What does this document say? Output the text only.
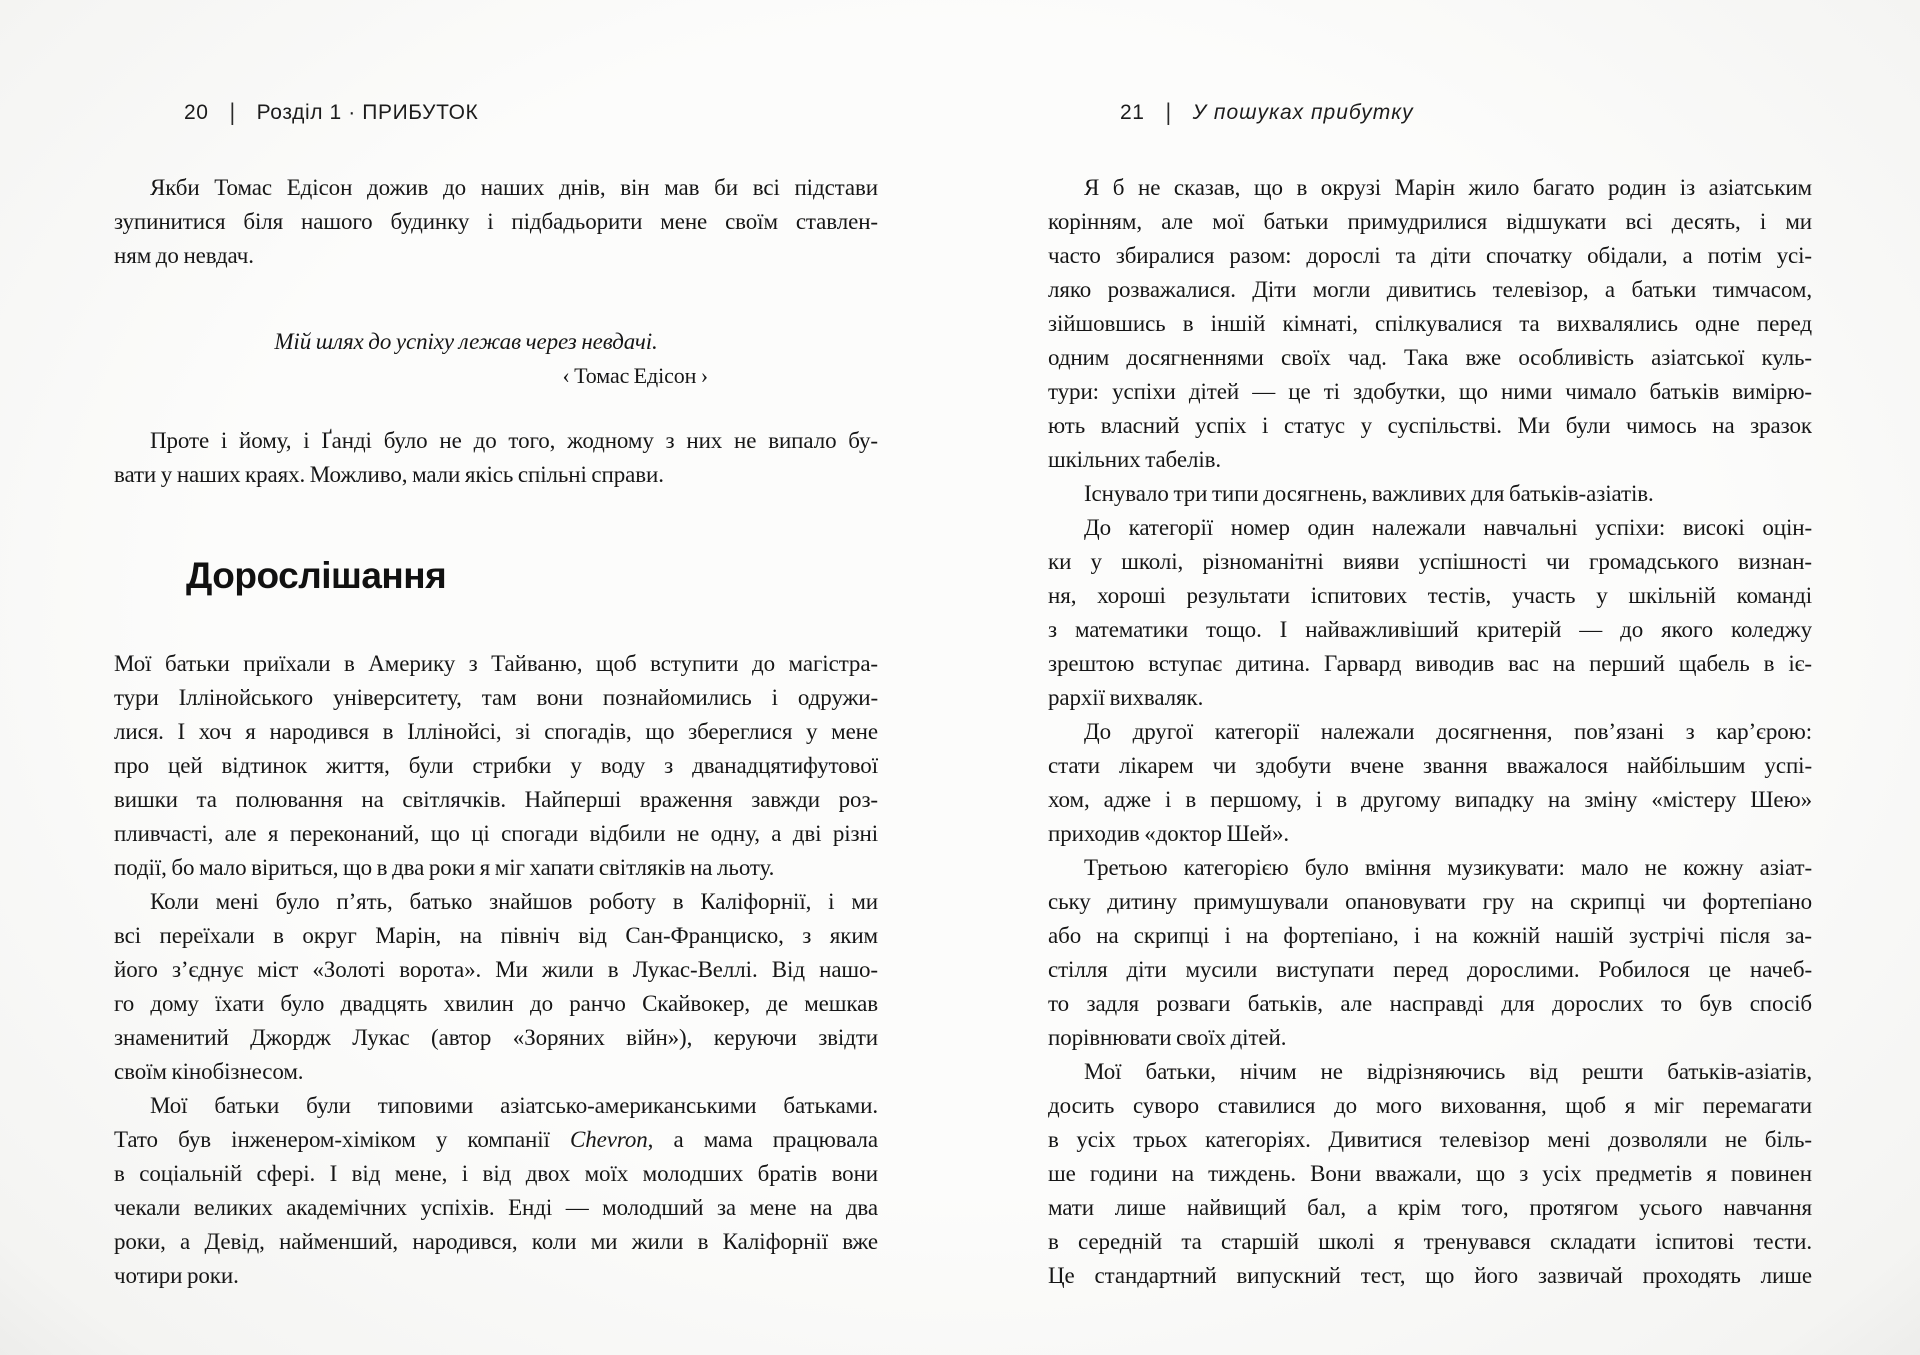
20 | Розділ 1 · ПРИБУТОК
Якби Томас Едісон дожив до наших днів, він мав би всі підстави
зупинитися біля нашого будинку і підбадьорити мене своїм ставлен-
ням до невдач.
Мій шлях до успіху лежав через невдачі.
‹ Томас Едісон ›
Проте і йому, і Ґанді було не до того, жодному з них не випало бу-
вати у наших краях. Можливо, мали якісь спільні справи.
Дорослішання
Мої батьки приїхали в Америку з Тайваню, щоб вступити до магістра-
тури Іллінойського університету, там вони познайомились і одружи-
лися. І хоч я народився в Іллінойсі, зі спогадів, що збереглися у мене
про цей відтинок життя, були стрибки у воду з дванадцятифутової
вишки та полювання на світлячків. Найперші враження завжди роз-
пливчасті, але я переконаний, що ці спогади відбили не одну, а дві різні
події, бо мало віриться, що в два роки я міг хапати світляків на льоту.
Коли мені було п’ять, батько знайшов роботу в Каліфорнії, і ми
всі переїхали в округ Марін, на північ від Сан-Франциско, з яким
його з’єднує міст «Золоті ворота». Ми жили в Лукас-Веллі. Від нашо-
го дому їхати було двадцять хвилин до ранчо Скайвокер, де мешкав
знаменитий Джордж Лукас (автор «Зоряних війн»), керуючи звідти
своїм кінобізнесом.
Мої батьки були типовими азіатсько-американськими батьками.
Тато був інженером-хіміком у компанії Chevron, а мама працювала
в соціальній сфері. І від мене, і від двох моїх молодших братів вони
чекали великих академічних успіхів. Енді — молодший за мене на два
роки, а Девід, найменший, народився, коли ми жили в Каліфорнії вже
чотири роки.
21 | У пошуках прибутку
Я б не сказав, що в окрузі Марін жило багато родин із азіатським
корінням, але мої батьки примудрилися відшукати всі десять, і ми
часто збиралися разом: дорослі та діти спочатку обідали, а потім усі-
ляко розважалися. Діти могли дивитись телевізор, а батьки тимчасом,
зійшовшись в іншій кімнаті, спілкувалися та вихвалялись одне перед
одним досягненнями своїх чад. Така вже особливість азіатської куль-
тури: успіхи дітей — це ті здобутки, що ними чимало батьків вимірю-
ють власний успіх і статус у суспільстві. Ми були чимось на зразок
шкільних табелів.
Існувало три типи досягнень, важливих для батьків-азіатів.
До категорії номер один належали навчальні успіхи: високі оцін-
ки у школі, різноманітні вияви успішності чи громадського визнан-
ня, хороші результати іспитових тестів, участь у шкільній команді
з математики тощо. І найважливіший критерій — до якого коледжу
зрештою вступає дитина. Гарвард виводив вас на перший щабель в іє-
рархії вихваляк.
До другої категорії належали досягнення, пов’язані з кар’єрою:
стати лікарем чи здобути вчене звання вважалося найбільшим успі-
хом, адже і в першому, і в другому випадку на зміну «містеру Шею»
приходив «доктор Шей».
Третьою категорією було вміння музикувати: мало не кожну азіат-
ську дитину примушували опановувати гру на скрипці чи фортепіано
або на скрипці і на фортепіано, і на кожній нашій зустрічі після за-
стілля діти мусили виступати перед дорослими. Робилося це начеб-
то задля розваги батьків, але насправді для дорослих то був спосіб
порівнювати своїх дітей.
Мої батьки, нічим не відрізняючись від решти батьків-азіатів,
досить суворо ставилися до мого виховання, щоб я міг перемагати
в усіх трьох категоріях. Дивитися телевізор мені дозволяли не біль-
ше години на тиждень. Вони вважали, що з усіх предметів я повинен
мати лише найвищий бал, а крім того, протягом усього навчання
в середній та старшій школі я тренувався складати іспитові тести.
Це стандартний випускний тест, що його зазвичай проходять лише
